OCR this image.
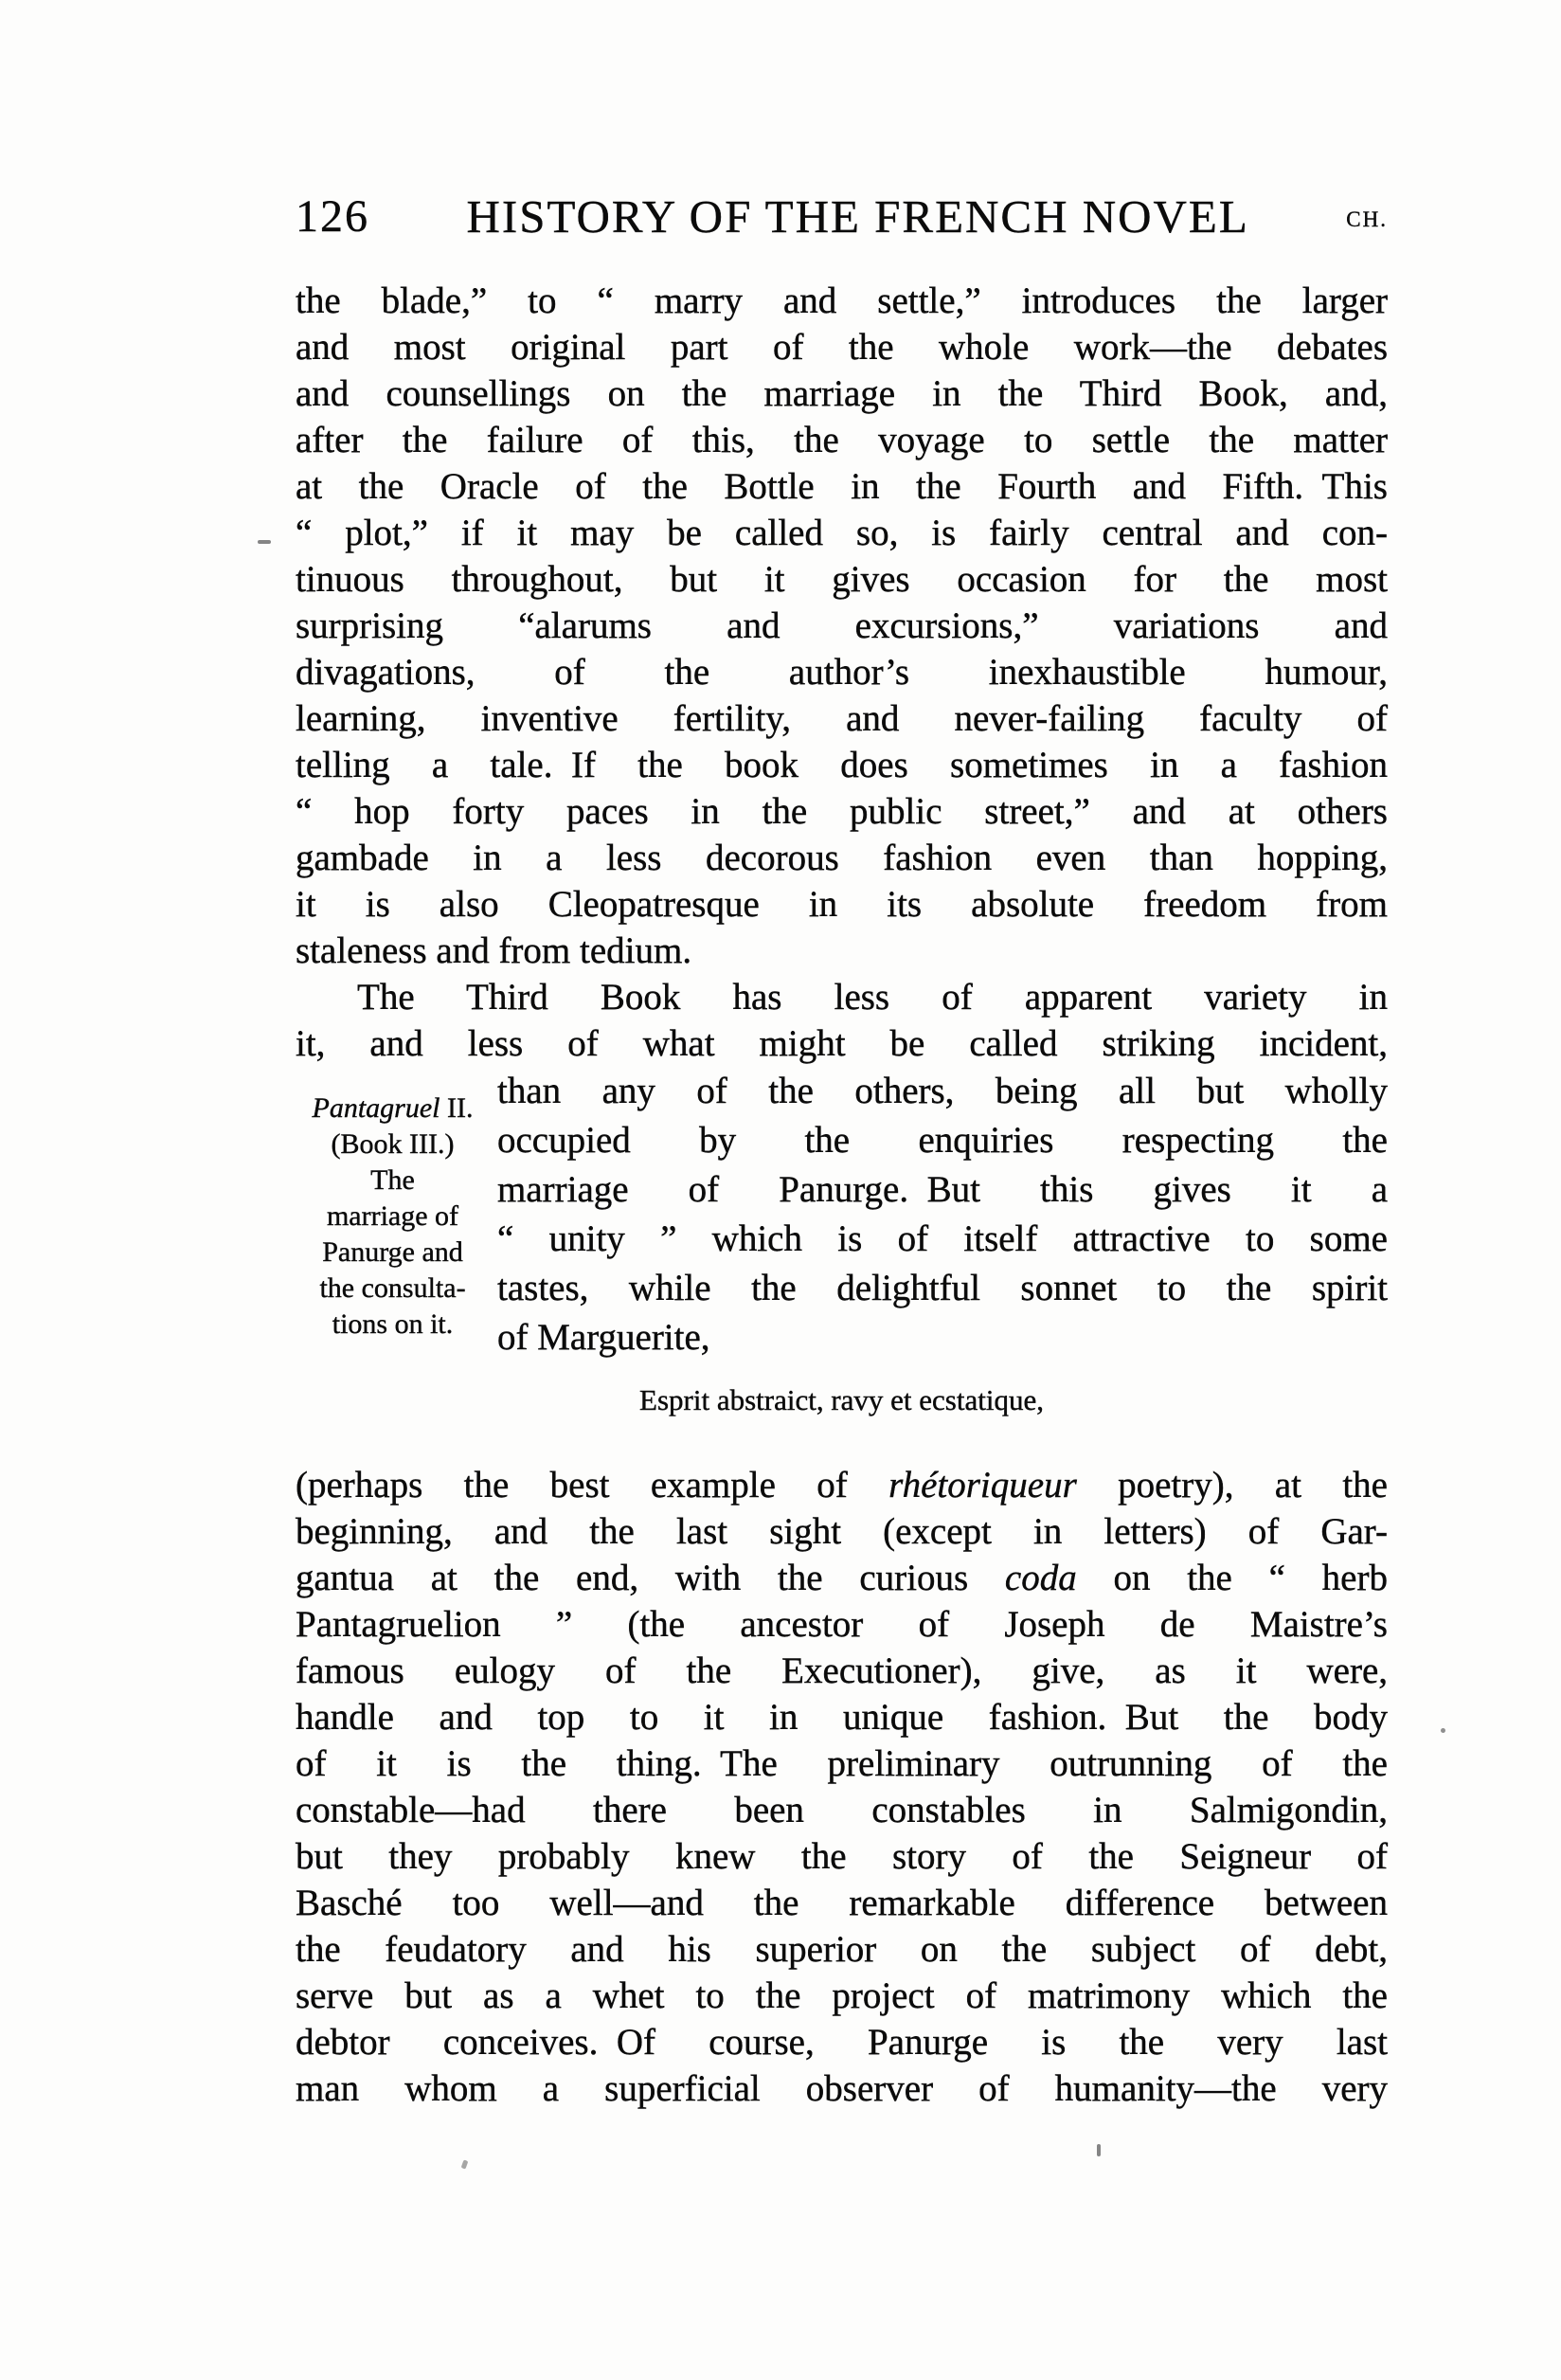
126 HISTORY OF THE FRENCH NOVEL	CH.
the blade,” to “ marry and settle,” introduces the larger
and most original part of the whole work—the debates
and counsellings on the marriage in the Third Book, and,
after the failure of this, the voyage to settle the matter
at the Oracle of the Bottle in the Fourth and Fifth. This
“ plot,” if it may be called so, is fairly central and con-
tinuous throughout, but it gives occasion for the most
surprising “alarums and excursions,” variations and
divagations, of the author’s inexhaustible humour,
learning, inventive fertility, and never-failing faculty of
telling a tale. If the book does sometimes in a fashion
“ hop forty paces in the public street,” and at others
gambade in a less decorous fashion even than hopping,
it is also Cleopatresque in its absolute freedom from
staleness and from tedium.
The Third Book has less of apparent variety in
it, and less of what might be called striking incident,
Pantagruel II.
(Book III.)
The
marriage of
Panurge and
the consulta-
tions on it.
than any of the others, being all but wholly
occupied by the enquiries respecting the
marriage of Panurge. But this gives it a
“ unity ” which is of itself attractive to some
tastes, while the delightful sonnet to the spirit
of Marguerite,
Esprit abstraict, ravy et ecstatique,
(perhaps the best example of rhétoriqueur poetry), at the
beginning, and the last sight (except in letters) of Gar-
gantua at the end, with the curious coda on the “ herb
Pantagruelion ” (the ancestor of Joseph de Maistre’s
famous eulogy of the Executioner), give, as it were,
handle and top to it in unique fashion. But the body
of it is the thing. The preliminary outrunning of the
constable—had there been constables in Salmigondin,
but they probably knew the story of the Seigneur of
Basché too well—and the remarkable difference between
the feudatory and his superior on the subject of debt,
serve but as a whet to the project of matrimony which the
debtor conceives. Of course, Panurge is the very last
man whom a superficial observer of humanity—the very
